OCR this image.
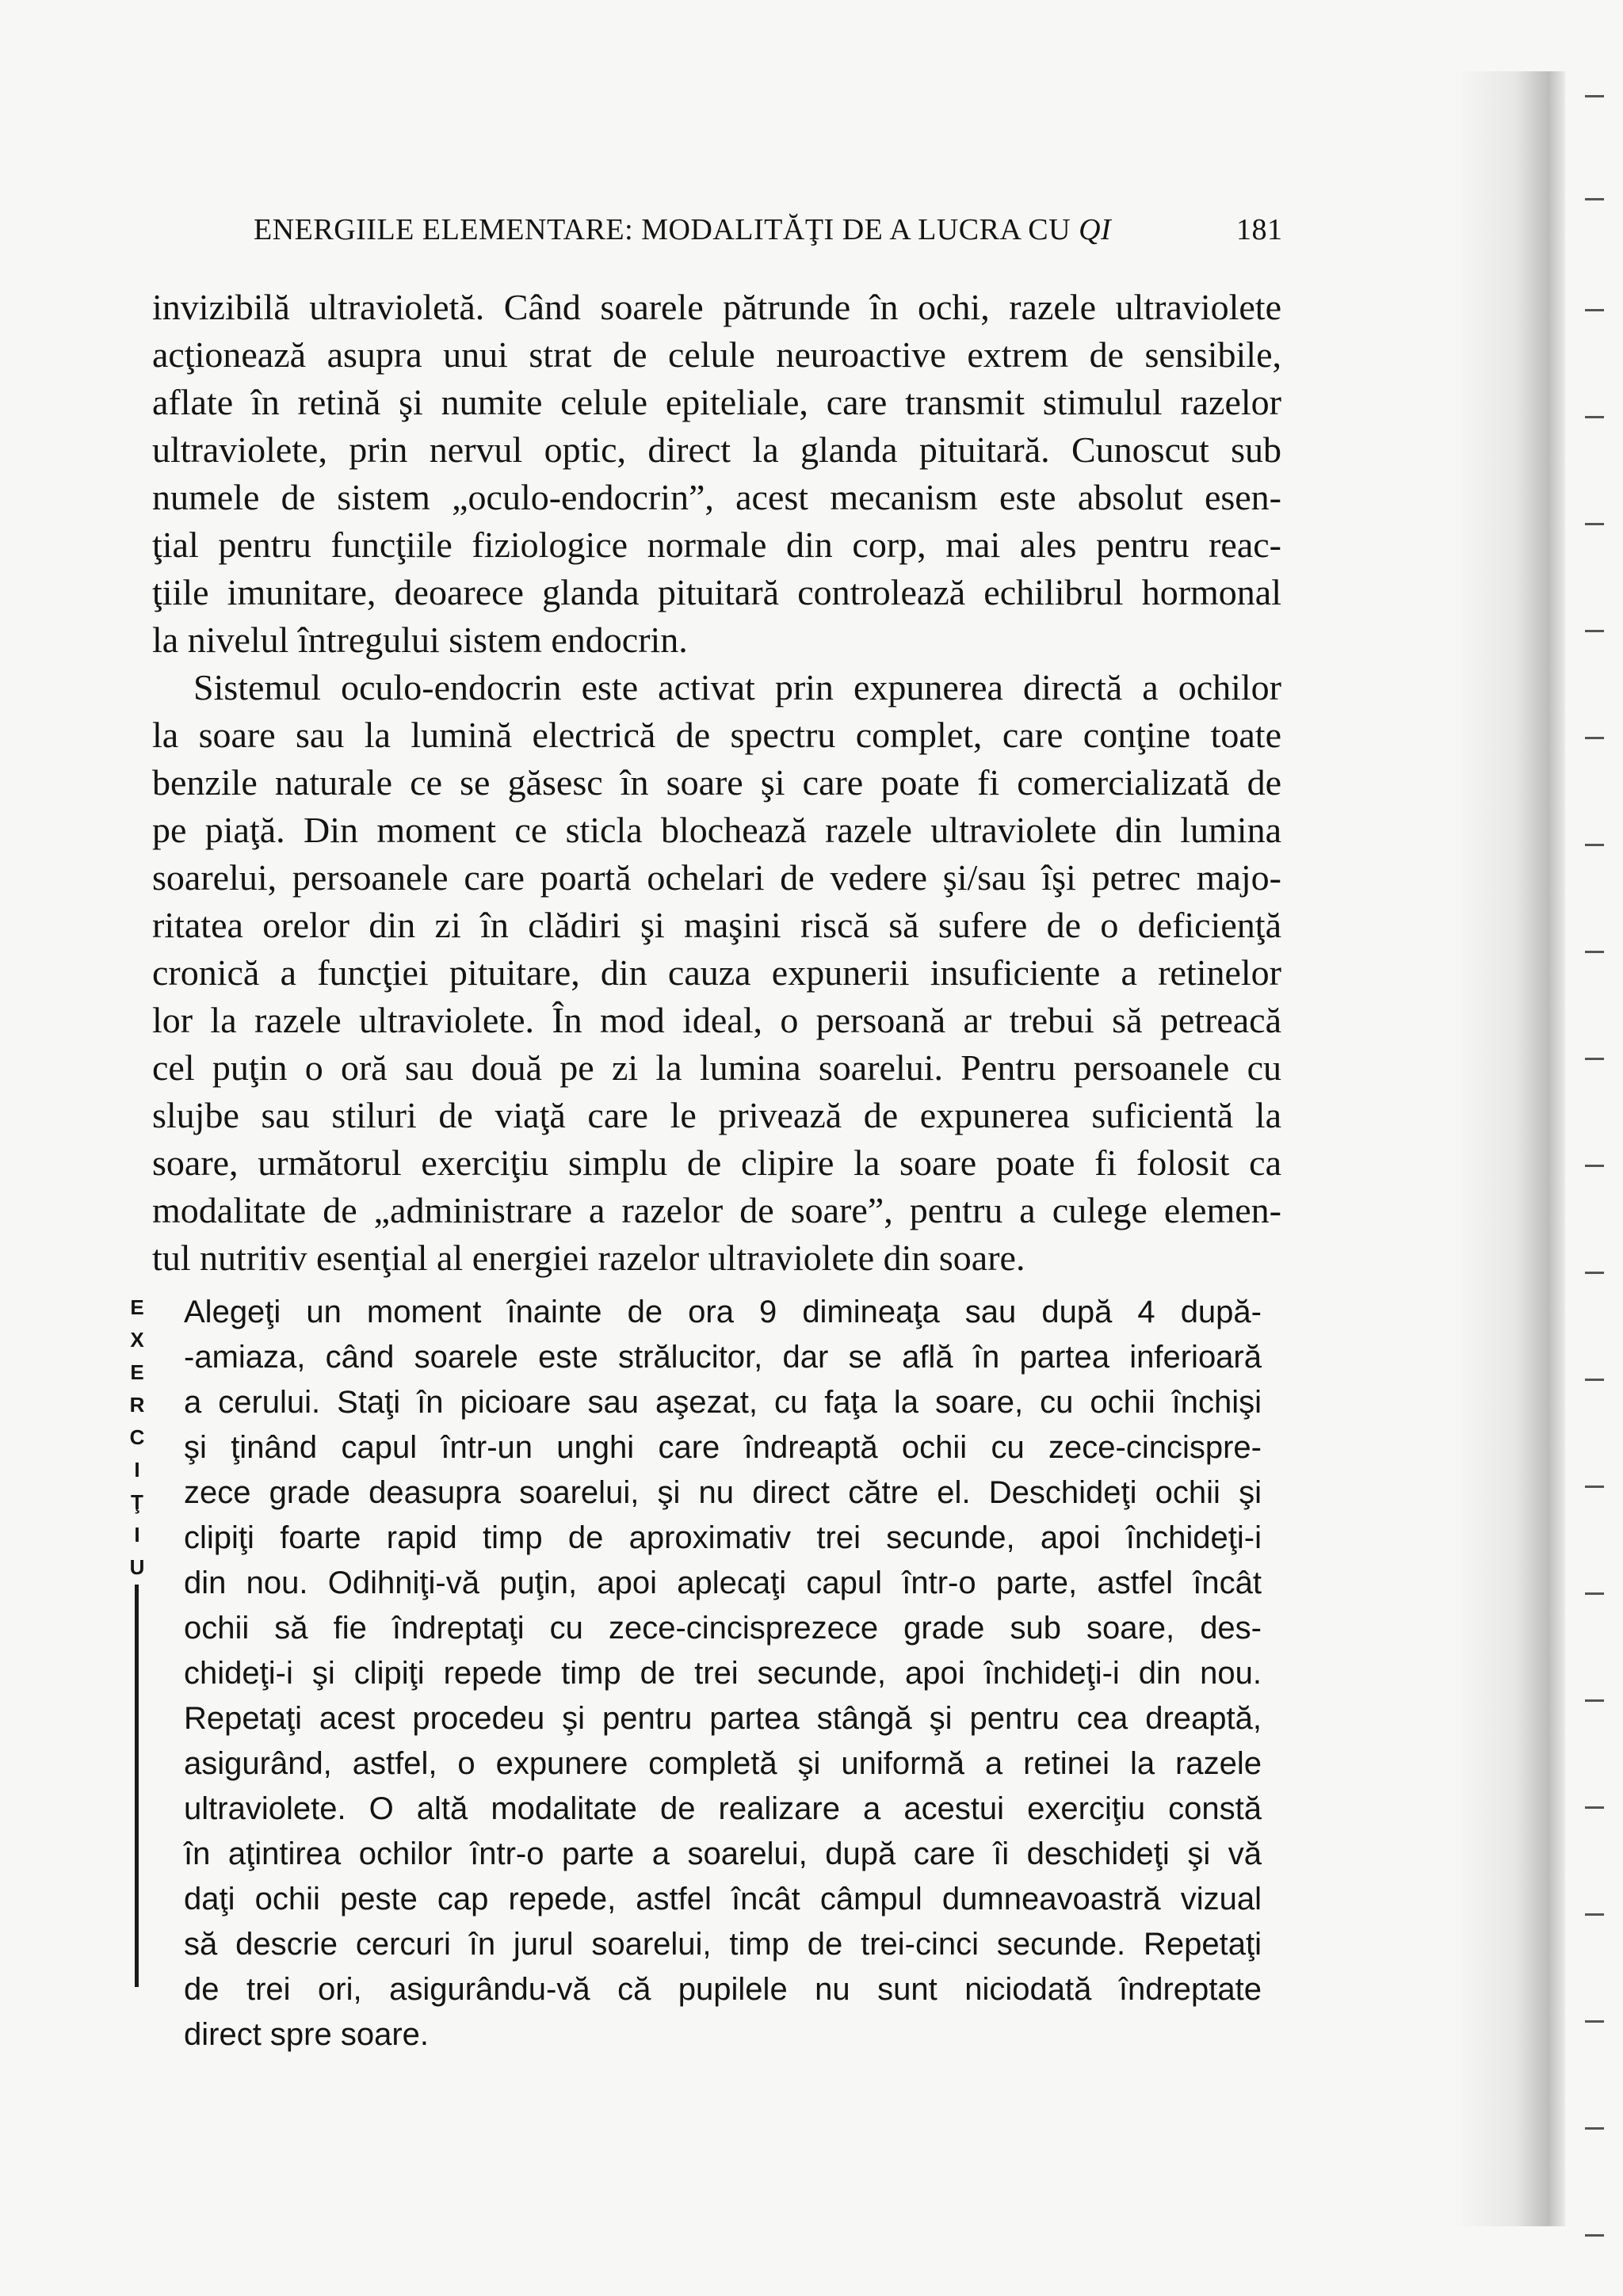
ENERGIILE ELEMENTARE: MODALITĂŢI DE A LUCRA CU QI	181
invizibilă ultravioletă. Când soarele pătrunde în ochi, razele ultraviolete
acţionează asupra unui strat de celule neuroactive extrem de sensibile,
aflate în retină şi numite celule epiteliale, care transmit stimulul razelor
ultraviolete, prin nervul optic, direct la glanda pituitară. Cunoscut sub
numele de sistem „oculo-endocrin”, acest mecanism este absolut esen-
ţial pentru funcţiile fiziologice normale din corp, mai ales pentru reac-
ţiile imunitare, deoarece glanda pituitară controlează echilibrul hormonal
la nivelul întregului sistem endocrin.
Sistemul oculo-endocrin este activat prin expunerea directă a ochilor
la soare sau la lumină electrică de spectru complet, care conţine toate
benzile naturale ce se găsesc în soare şi care poate fi comercializată de
pe piaţă. Din moment ce sticla blochează razele ultraviolete din lumina
soarelui, persoanele care poartă ochelari de vedere şi/sau îşi petrec majo-
ritatea orelor din zi în clădiri şi maşini riscă să sufere de o deficienţă
cronică a funcţiei pituitare, din cauza expunerii insuficiente a retinelor
lor la razele ultraviolete. În mod ideal, o persoană ar trebui să petreacă
cel puţin o oră sau două pe zi la lumina soarelui. Pentru persoanele cu
slujbe sau stiluri de viaţă care le privează de expunerea suficientă la
soare, următorul exerciţiu simplu de clipire la soare poate fi folosit ca
modalitate de „administrare a razelor de soare”, pentru a culege elemen-
tul nutritiv esenţial al energiei razelor ultraviolete din soare.
E
X
E
R
C
I
Ţ
I
U
Alegeţi un moment înainte de ora 9 dimineaţa sau după 4 după-
-amiaza, când soarele este strălucitor, dar se află în partea inferioară
a cerului. Staţi în picioare sau aşezat, cu faţa la soare, cu ochii închişi
şi ţinând capul într-un unghi care îndreaptă ochii cu zece-cincispre-
zece grade deasupra soarelui, şi nu direct către el. Deschideţi ochii şi
clipiţi foarte rapid timp de aproximativ trei secunde, apoi închideţi-i
din nou. Odihniţi-vă puţin, apoi aplecaţi capul într-o parte, astfel încât
ochii să fie îndreptaţi cu zece-cincisprezece grade sub soare, des-
chideţi-i şi clipiţi repede timp de trei secunde, apoi închideţi-i din nou.
Repetaţi acest procedeu şi pentru partea stângă şi pentru cea dreaptă,
asigurând, astfel, o expunere completă şi uniformă a retinei la razele
ultraviolete. O altă modalitate de realizare a acestui exerciţiu constă
în aţintirea ochilor într-o parte a soarelui, după care îi deschideţi şi vă
daţi ochii peste cap repede, astfel încât câmpul dumneavoastră vizual
să descrie cercuri în jurul soarelui, timp de trei-cinci secunde. Repetaţi
de trei ori, asigurându-vă că pupilele nu sunt niciodată îndreptate
direct spre soare.
